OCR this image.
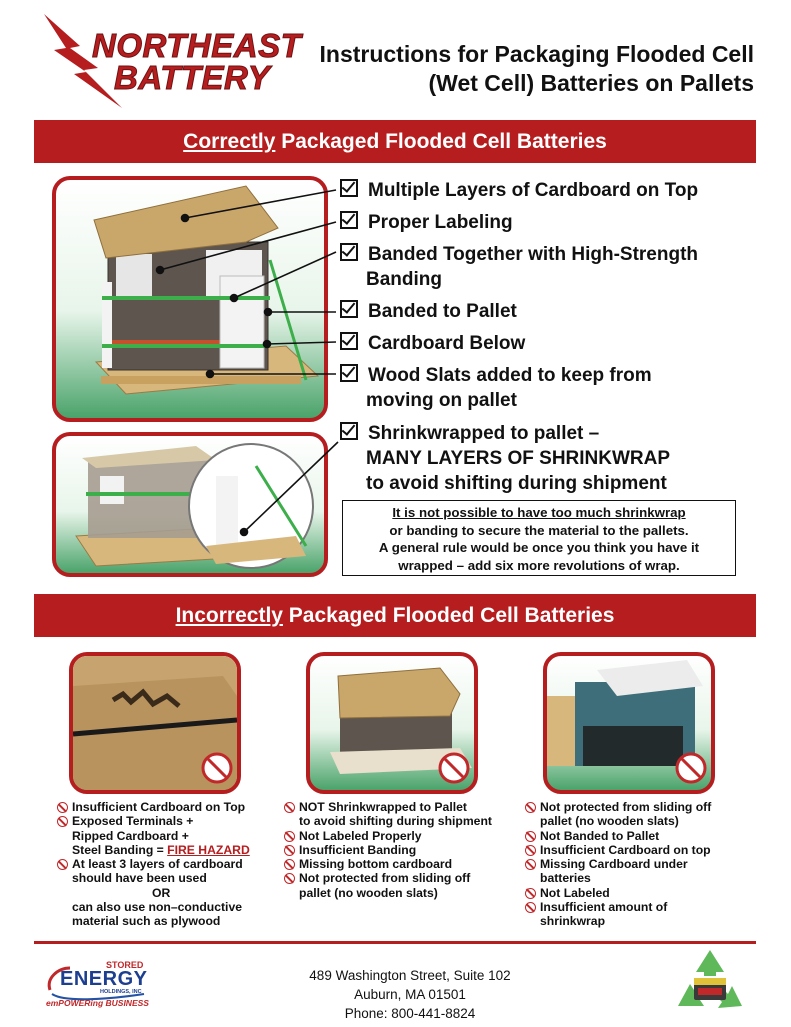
NORTHEAST
BATTERY
Instructions for Packaging Flooded Cell
(Wet Cell) Batteries on Pallets
Correctly Packaged Flooded Cell Batteries
Multiple Layers of Cardboard on Top
Proper Labeling
Banded Together with High-Strength
Banding
Banded to Pallet
Cardboard Below
Wood Slats added to keep from
moving on pallet
Shrinkwrapped to pallet –
MANY LAYERS OF SHRINKWRAP
to avoid shifting during shipment
It is not possible to have too much shrinkwrap
or banding to secure the material to the pallets.
A general rule would be once you think you have it
wrapped – add six more revolutions of wrap.
Incorrectly Packaged Flooded Cell Batteries
Insufficient Cardboard on Top
Exposed Terminals +
Ripped Cardboard +
Steel Banding = FIRE HAZARD
At least 3 layers of cardboard
should have been used
OR
can also use non–conductive
material such as plywood
NOT Shrinkwrapped to Pallet
to avoid shifting during shipment
Not Labeled Properly
Insufficient Banding
Missing bottom cardboard
Not protected from sliding off
pallet (no wooden slats)
Not protected from sliding off
pallet (no wooden slats)
Not Banded to Pallet
Insufficient Cardboard on top
Missing Cardboard under
batteries
Not Labeled
Insufficient amount of
shrinkwrap
STORED
ENERGY
HOLDINGS, INC
emPOWERing BUSINESS
489 Washington Street, Suite 102
Auburn, MA 01501
Phone: 800-441-8824
